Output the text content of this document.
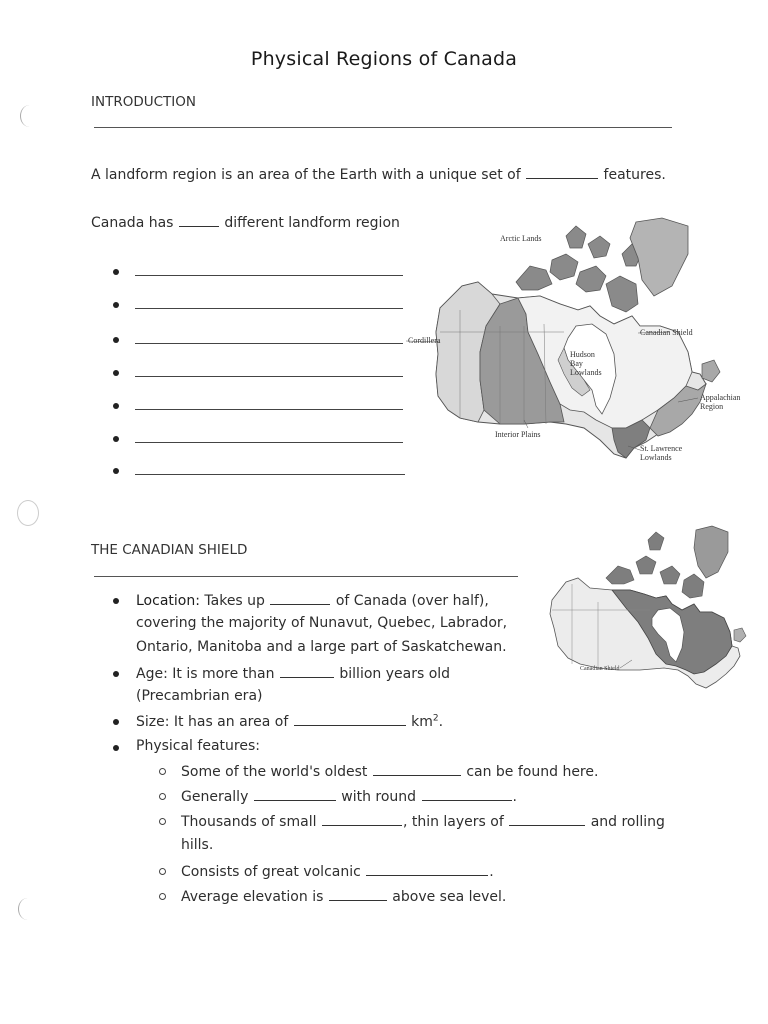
Physical Regions of Canada
INTRODUCTION
A landform region is an area of the Earth with a unique set of	features.
Canada has	different landform region
Arctic Lands
Cordillera
Canadian Shield
Hudson
Bay
Lowlands
Appalachian
Region
Interior Plains
St. Lawrence
Lowlands
THE CANADIAN SHIELD
Location: Takes up	of Canada (over half),
covering the majority of Nunavut, Quebec, Labrador,
Ontario, Manitoba and a large part of Saskatchewan.
Age: It is more than	billion years old
(Precambrian era)
Size: It has an area of	$km^2$.
Physical features:
Some of the world's oldest	can be found here.
Generally	with round	.
Thousands of small	, thin layers of	and rolling
hills.
Consists of great volcanic	.
Average elevation is	above sea level.
Canadian Shield
